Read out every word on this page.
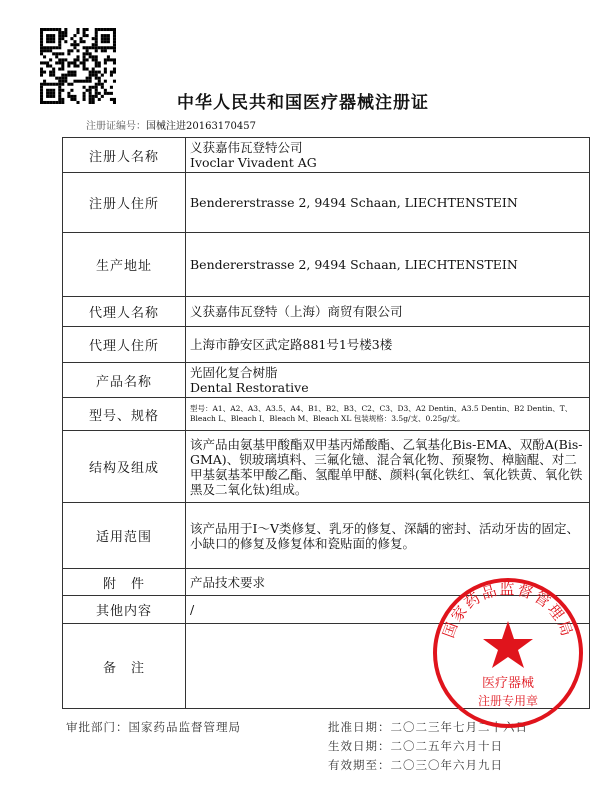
中华人民共和国医疗器械注册证
注册证编号：国械注进20163170457
注册人名称	义获嘉伟瓦登特公司
Ivoclar Vivadent AG

注册人住所	Bendererstrasse 2, 9494 Schaan, LIECHTENSTEIN

生产地址	Bendererstrasse 2, 9494 Schaan, LIECHTENSTEIN

代理人名称	义获嘉伟瓦登特（上海）商贸有限公司

代理人住所	上海市静安区武定路881号1号楼3楼

产品名称	光固化复合树脂
Dental Restorative

型号、规格	型号：A1、A2、A3、A3.5、A4、B1、B2、B3、C2、C3、D3、A2 Dentin、A3.5 Dentin、B2 Dentin、T、Bleach L、Bleach I、Bleach M、Bleach XL 包装规格：3.5g/支、0.25g/支。

结构及组成	该产品由氨基甲酸酯双甲基丙烯酸酯、乙氧基化Bis-EMA、双酚A(Bis-GMA)、钡玻璃填料、三氟化镱、混合氧化物、预聚物、樟脑醌、对二甲基氨基苯甲酸乙酯、氢醌单甲醚、颜料(氧化铁红、氧化铁黄、氧化铁黑及二氧化钛)组成。

适用范围	该产品用于Ⅰ～Ⅴ类修复、乳牙的修复、深龋的密封、活动牙齿的固定、小缺口的修复及修复体和瓷贴面的修复。

附　件	产品技术要求

其他内容	/

备　注	
审批部门：国家药品监督管理局	批准日期：二〇二三年七月二十六日
生效日期：二〇二五年六月十日
有效期至：二〇三〇年六月九日
国家药品监督管理局
医疗器械
注册专用章
